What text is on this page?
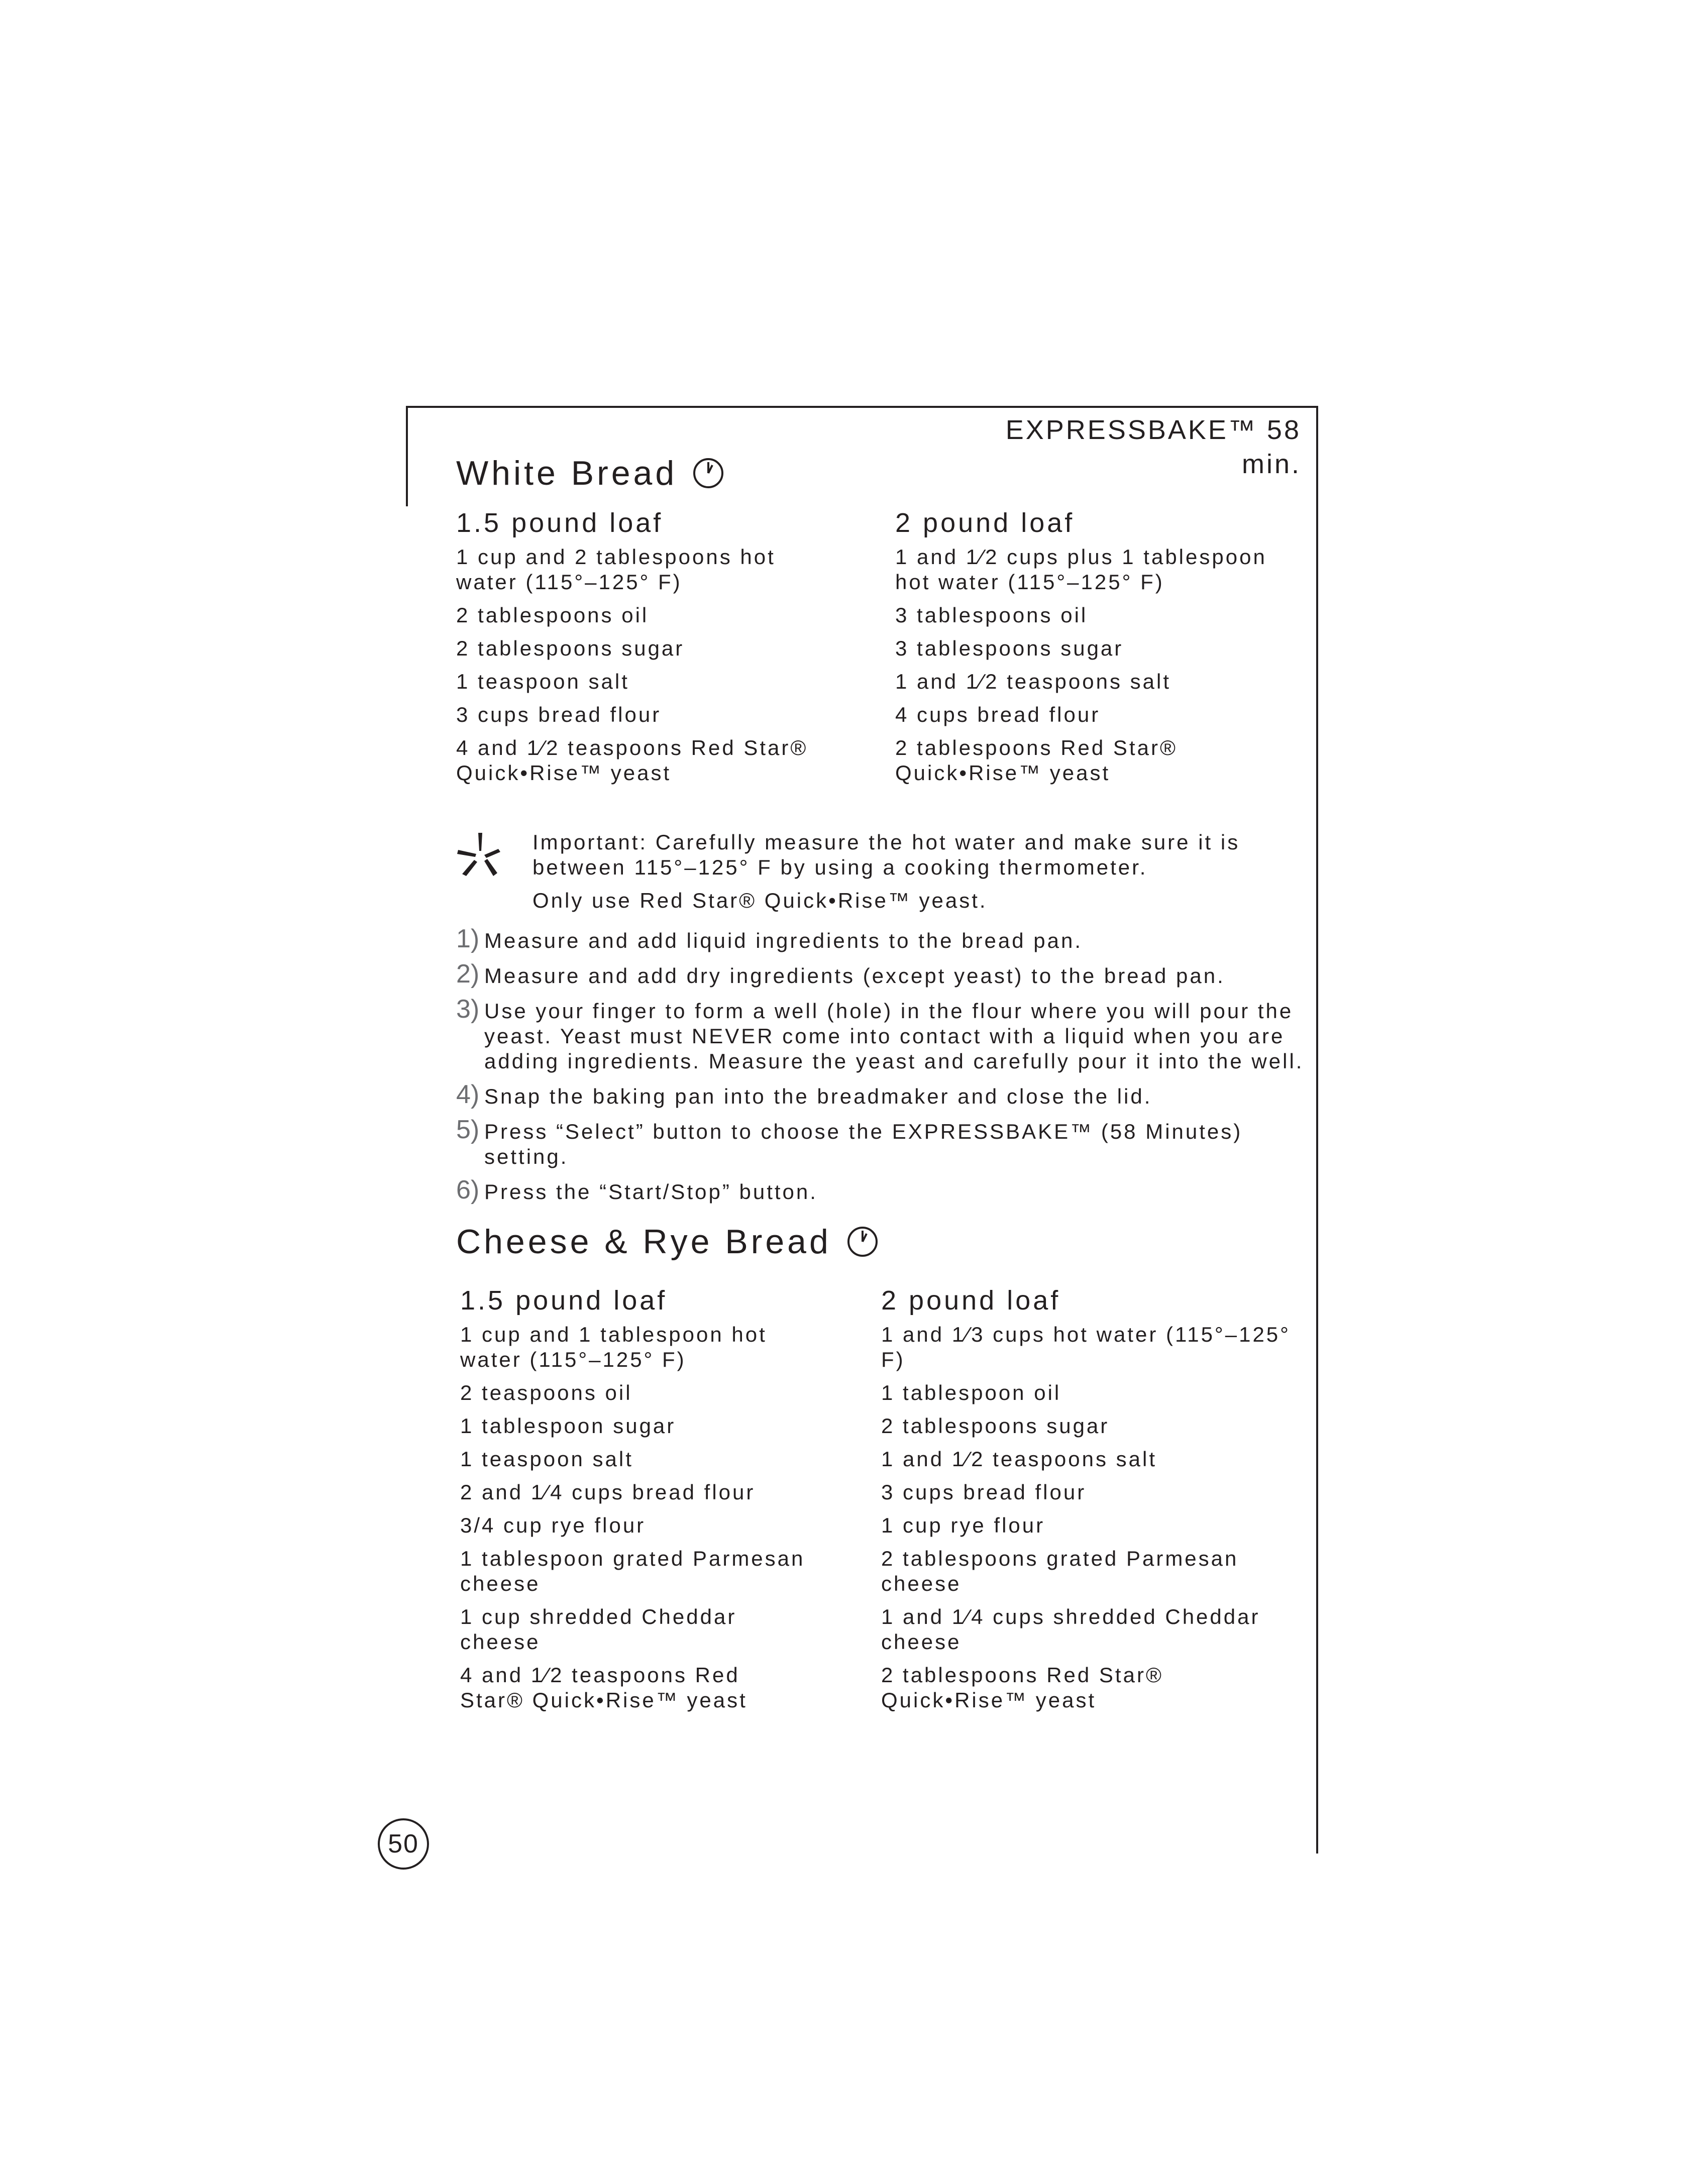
EXPRESSBAKE™ 58 min.
White Bread
1.5 pound loaf
1 cup and 2 tablespoons hot water (115°–125° F)
2 tablespoons oil
2 tablespoons sugar
1 teaspoon salt
3 cups bread flour
4 and 1⁄2 teaspoons Red Star® Quick•Rise™ yeast
2 pound loaf
1 and 1⁄2 cups plus 1 tablespoon hot water (115°–125° F)
3 tablespoons oil
3 tablespoons sugar
1 and 1⁄2 teaspoons salt
4 cups bread flour
2 tablespoons Red Star® Quick•Rise™ yeast

Important: Carefully measure the hot water and make sure it is between 115°–125° F by using a cooking thermometer.

Only use Red Star® Quick•Rise™ yeast.

1) Measure and add liquid ingredients to the bread pan.
2) Measure and add dry ingredients (except yeast) to the bread pan.
3) Use your finger to form a well (hole) in the flour where you will pour the yeast. Yeast must NEVER come into contact with a liquid when you are adding ingredients. Measure the yeast and carefully pour it into the well.
4) Snap the baking pan into the breadmaker and close the lid.
5) Press “Select” button to choose the EXPRESSBAKE™ (58 Minutes) setting.
6) Press the “Start/Stop” button.
Cheese & Rye Bread
1.5 pound loaf
1 cup and 1 tablespoon hot water (115°–125° F)
2 teaspoons oil
1 tablespoon sugar
1 teaspoon salt
2 and 1⁄4 cups bread flour
3/4 cup rye flour
1 tablespoon grated Parmesan cheese
1 cup shredded Cheddar cheese
4 and 1⁄2 teaspoons Red Star® Quick•Rise™ yeast
2 pound loaf
1 and 1⁄3 cups hot water (115°–125° F)
1 tablespoon oil
2 tablespoons sugar
1 and 1⁄2 teaspoons salt
3 cups bread flour
1 cup rye flour
2 tablespoons grated Parmesan cheese
1 and 1⁄4 cups shredded Cheddar cheese
2 tablespoons Red Star® Quick•Rise™ yeast
50
